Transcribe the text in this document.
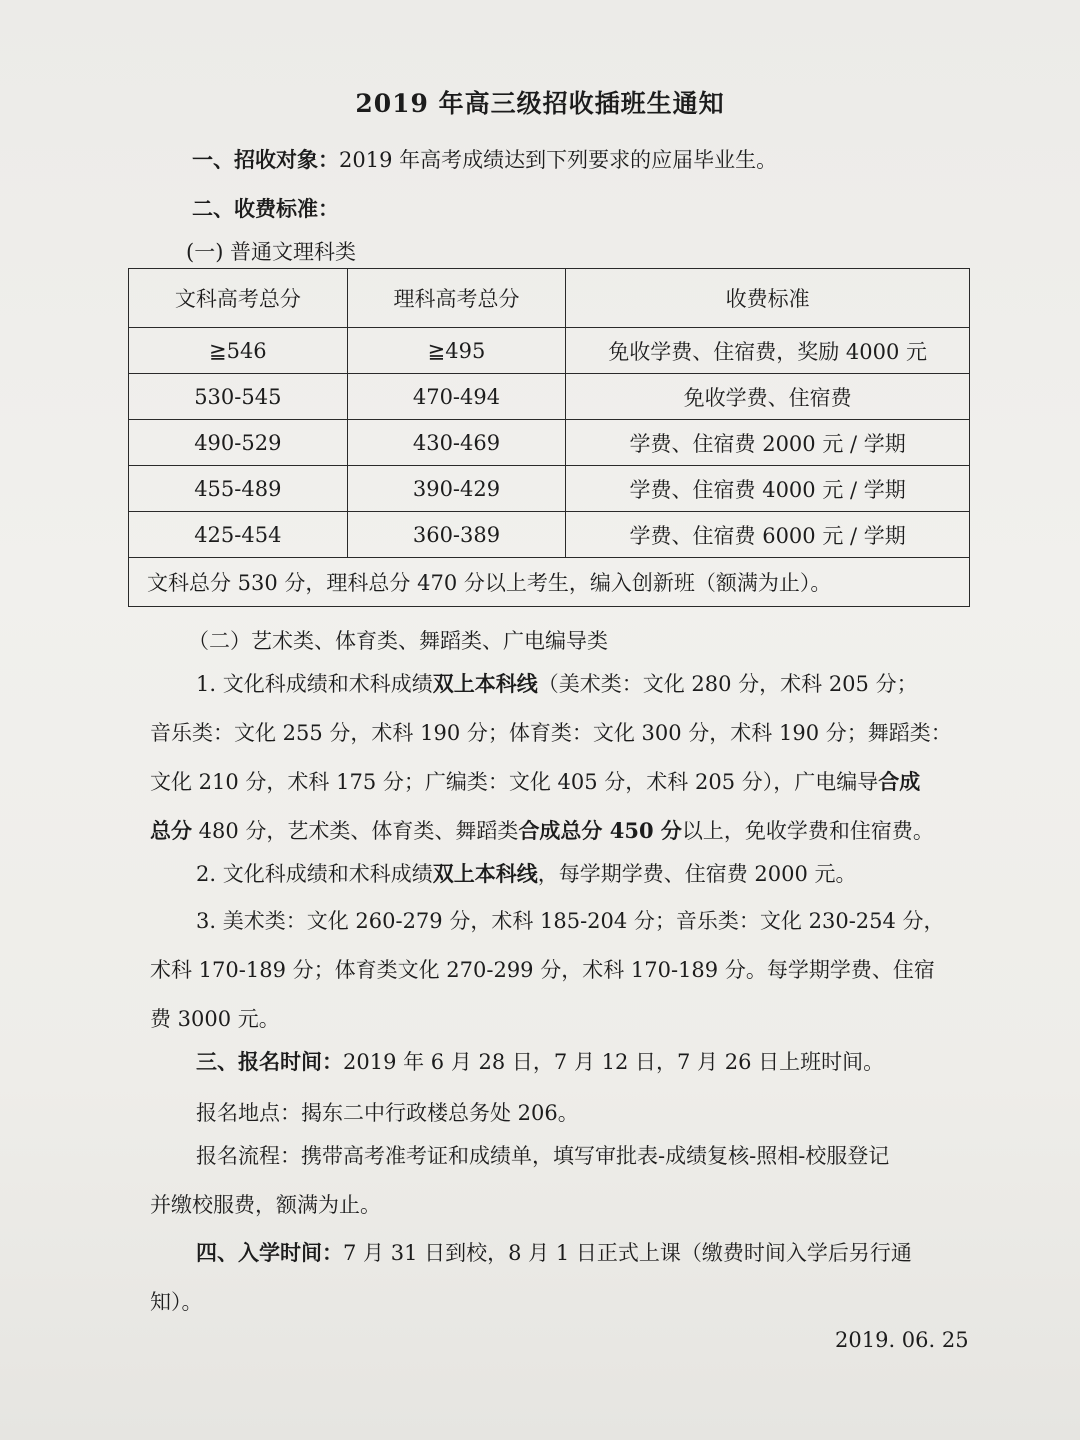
2019 年高三级招收插班生通知
一、招收对象：2019 年高考成绩达到下列要求的应届毕业生。
二、收费标准：
(一) 普通文理科类
文科高考总分	理科高考总分	收费标准
≧546	≧495	免收学费、住宿费，奖励 4000 元
530-545	470-494	免收学费、住宿费
490-529	430-469	学费、住宿费 2000 元 / 学期
455-489	390-429	学费、住宿费 4000 元 / 学期
425-454	360-389	学费、住宿费 6000 元 / 学期
文科总分 530 分，理科总分 470 分以上考生，编入创新班（额满为止）。		
（二）艺术类、体育类、舞蹈类、广电编导类
1. 文化科成绩和术科成绩双上本科线（美术类：文化 280 分，术科 205 分；
音乐类：文化 255 分，术科 190 分；体育类：文化 300 分，术科 190 分；舞蹈类：
文化 210 分，术科 175 分；广编类：文化 405 分，术科 205 分），广电编导合成
总分 480 分，艺术类、体育类、舞蹈类合成总分 450 分以上，免收学费和住宿费。
2. 文化科成绩和术科成绩双上本科线，每学期学费、住宿费 2000 元。
3. 美术类：文化 260-279 分，术科 185-204 分；音乐类：文化 230-254 分，
术科 170-189 分；体育类文化 270-299 分，术科 170-189 分。每学期学费、住宿
费 3000 元。
三、报名时间：2019 年 6 月 28 日，7 月 12 日，7 月 26 日上班时间。
报名地点：揭东二中行政楼总务处 206。
报名流程：携带高考准考证和成绩单，填写审批表-成绩复核-照相-校服登记
并缴校服费，额满为止。
四、入学时间：7 月 31 日到校，8 月 1 日正式上课（缴费时间入学后另行通
知）。
2019. 06. 25
